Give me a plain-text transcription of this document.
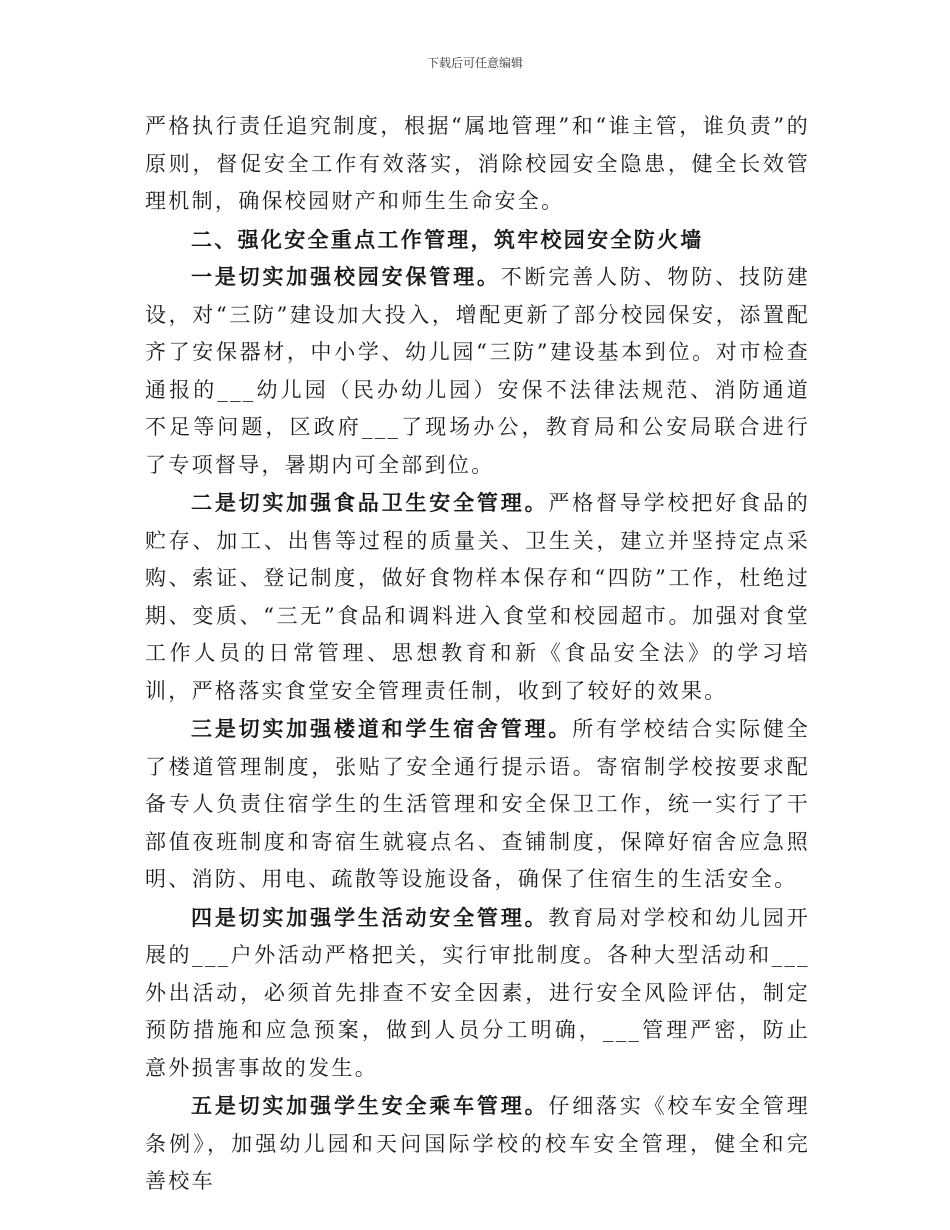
下载后可任意编辑

严格执行责任追究制度，根据“属地管理”和“谁主管，谁负责”的原则，督促安全工作有效落实，消除校园安全隐患，健全长效管理机制，确保校园财产和师生生命安全。

二、强化安全重点工作管理，筑牢校园安全防火墙

一是切实加强校园安保管理。不断完善人防、物防、技防建设，对“三防”建设加大投入，增配更新了部分校园保安，添置配齐了安保器材，中小学、幼儿园“三防”建设基本到位。对市检查通报的___幼儿园（民办幼儿园）安保不法律法规范、消防通道不足等问题，区政府___了现场办公，教育局和公安局联合进行了专项督导，暑期内可全部到位。

二是切实加强食品卫生安全管理。严格督导学校把好食品的贮存、加工、出售等过程的质量关、卫生关，建立并坚持定点采购、索证、登记制度，做好食物样本保存和“四防”工作，杜绝过期、变质、“三无”食品和调料进入食堂和校园超市。加强对食堂工作人员的日常管理、思想教育和新《食品安全法》的学习培训，严格落实食堂安全管理责任制，收到了较好的效果。

三是切实加强楼道和学生宿舍管理。所有学校结合实际健全了楼道管理制度，张贴了安全通行提示语。寄宿制学校按要求配备专人负责住宿学生的生活管理和安全保卫工作，统一实行了干部值夜班制度和寄宿生就寝点名、查铺制度，保障好宿舍应急照明、消防、用电、疏散等设施设备，确保了住宿生的生活安全。

四是切实加强学生活动安全管理。教育局对学校和幼儿园开展的___户外活动严格把关，实行审批制度。各种大型活动和___外出活动，必须首先排查不安全因素，进行安全风险评估，制定预防措施和应急预案，做到人员分工明确，___管理严密，防止意外损害事故的发生。

五是切实加强学生安全乘车管理。仔细落实《校车安全管理条例》，加强幼儿园和天问国际学校的校车安全管理，健全和完善校车
